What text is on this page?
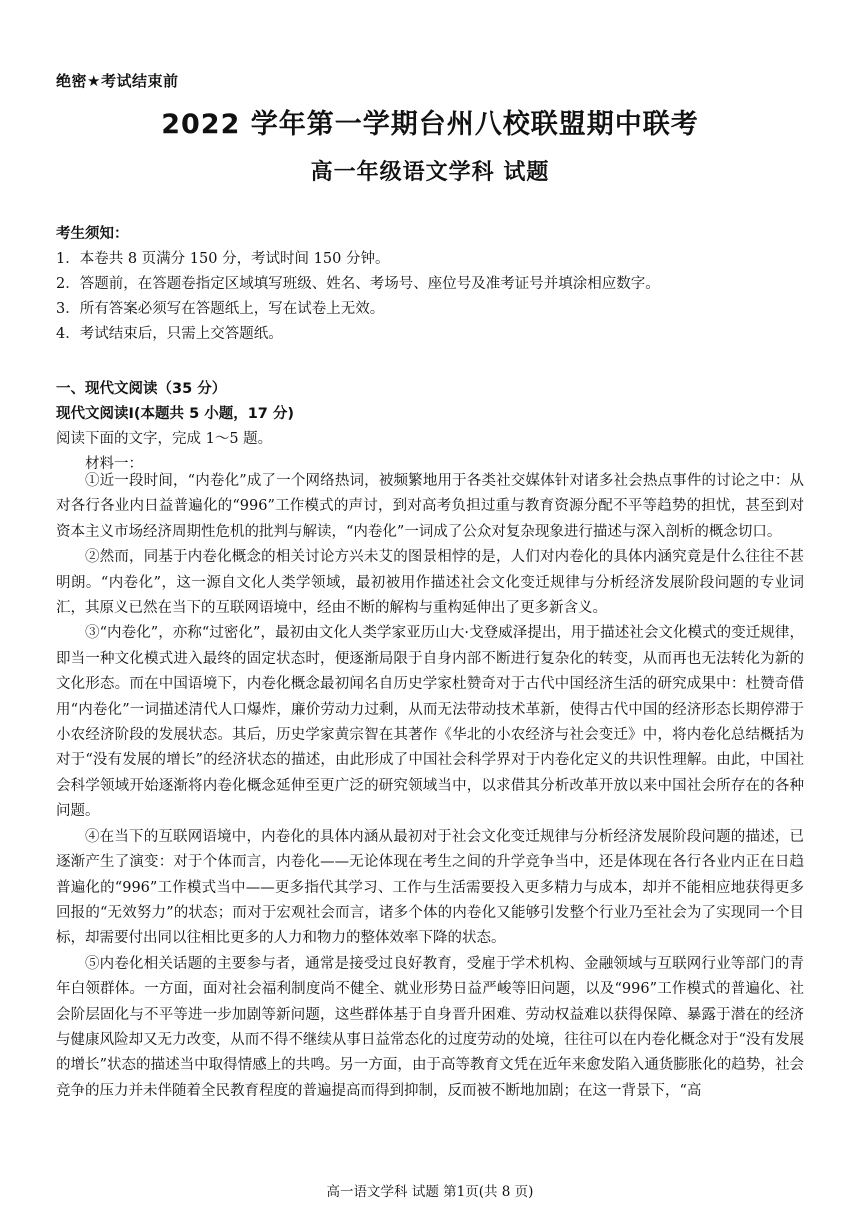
绝密★考试结束前
2022 学年第一学期台州八校联盟期中联考
高一年级语文学科 试题
考生须知：
1．本卷共 8 页满分 150 分，考试时间 150 分钟。
2．答题前，在答题卷指定区域填写班级、姓名、考场号、座位号及准考证号并填涂相应数字。
3．所有答案必须写在答题纸上，写在试卷上无效。
4．考试结束后，只需上交答题纸。
一、现代文阅读（35 分）
现代文阅读Ⅰ(本题共 5 小题，17 分)
阅读下面的文字，完成 1～5 题。
材料一：

①近一段时间，“内卷化”成了一个网络热词，被频繁地用于各类社交媒体针对诸多社会热点事件的讨论之中：从对各行各业内日益普遍化的“996”工作模式的声讨，到对高考负担过重与教育资源分配不平等趋势的担忧，甚至到对资本主义市场经济周期性危机的批判与解读，“内卷化”一词成了公众对复杂现象进行描述与深入剖析的概念切口。

②然而，同基于内卷化概念的相关讨论方兴未艾的图景相悖的是，人们对内卷化的具体内涵究竟是什么往往不甚明朗。“内卷化”，这一源自文化人类学领域，最初被用作描述社会文化变迁规律与分析经济发展阶段问题的专业词汇，其原义已然在当下的互联网语境中，经由不断的解构与重构延伸出了更多新含义。

③“内卷化”，亦称“过密化”，最初由文化人类学家亚历山大·戈登威泽提出，用于描述社会文化模式的变迁规律，即当一种文化模式进入最终的固定状态时，便逐渐局限于自身内部不断进行复杂化的转变，从而再也无法转化为新的文化形态。而在中国语境下，内卷化概念最初闻名自历史学家杜赞奇对于古代中国经济生活的研究成果中：杜赞奇借用“内卷化”一词描述清代人口爆炸，廉价劳动力过剩，从而无法带动技术革新，使得古代中国的经济形态长期停滞于小农经济阶段的发展状态。其后，历史学家黄宗智在其著作《华北的小农经济与社会变迁》中，将内卷化总结概括为对于“没有发展的增长”的经济状态的描述，由此形成了中国社会科学界对于内卷化定义的共识性理解。由此，中国社会科学领域开始逐渐将内卷化概念延伸至更广泛的研究领域当中，以求借其分析改革开放以来中国社会所存在的各种问题。

④在当下的互联网语境中，内卷化的具体内涵从最初对于社会文化变迁规律与分析经济发展阶段问题的描述，已逐渐产生了演变：对于个体而言，内卷化——无论体现在考生之间的升学竞争当中，还是体现在各行各业内正在日趋普遍化的“996”工作模式当中——更多指代其学习、工作与生活需要投入更多精力与成本，却并不能相应地获得更多回报的“无效努力”的状态；而对于宏观社会而言，诸多个体的内卷化又能够引发整个行业乃至社会为了实现同一个目标，却需要付出同以往相比更多的人力和物力的整体效率下降的状态。

⑤内卷化相关话题的主要参与者，通常是接受过良好教育，受雇于学术机构、金融领域与互联网行业等部门的青年白领群体。一方面，面对社会福利制度尚不健全、就业形势日益严峻等旧问题，以及“996”工作模式的普遍化、社会阶层固化与不平等进一步加剧等新问题，这些群体基于自身晋升困难、劳动权益难以获得保障、暴露于潜在的经济与健康风险却又无力改变，从而不得不继续从事日益常态化的过度劳动的处境，往往可以在内卷化概念对于“没有发展的增长”状态的描述当中取得情感上的共鸣。另一方面，由于高等教育文凭在近年来愈发陷入通货膨胀化的趋势，社会竞争的压力并未伴随着全民教育程度的普遍提高而得到抑制，反而被不断地加剧；在这一背景下，“高

高一语文学科 试题 第1页(共 8 页)
